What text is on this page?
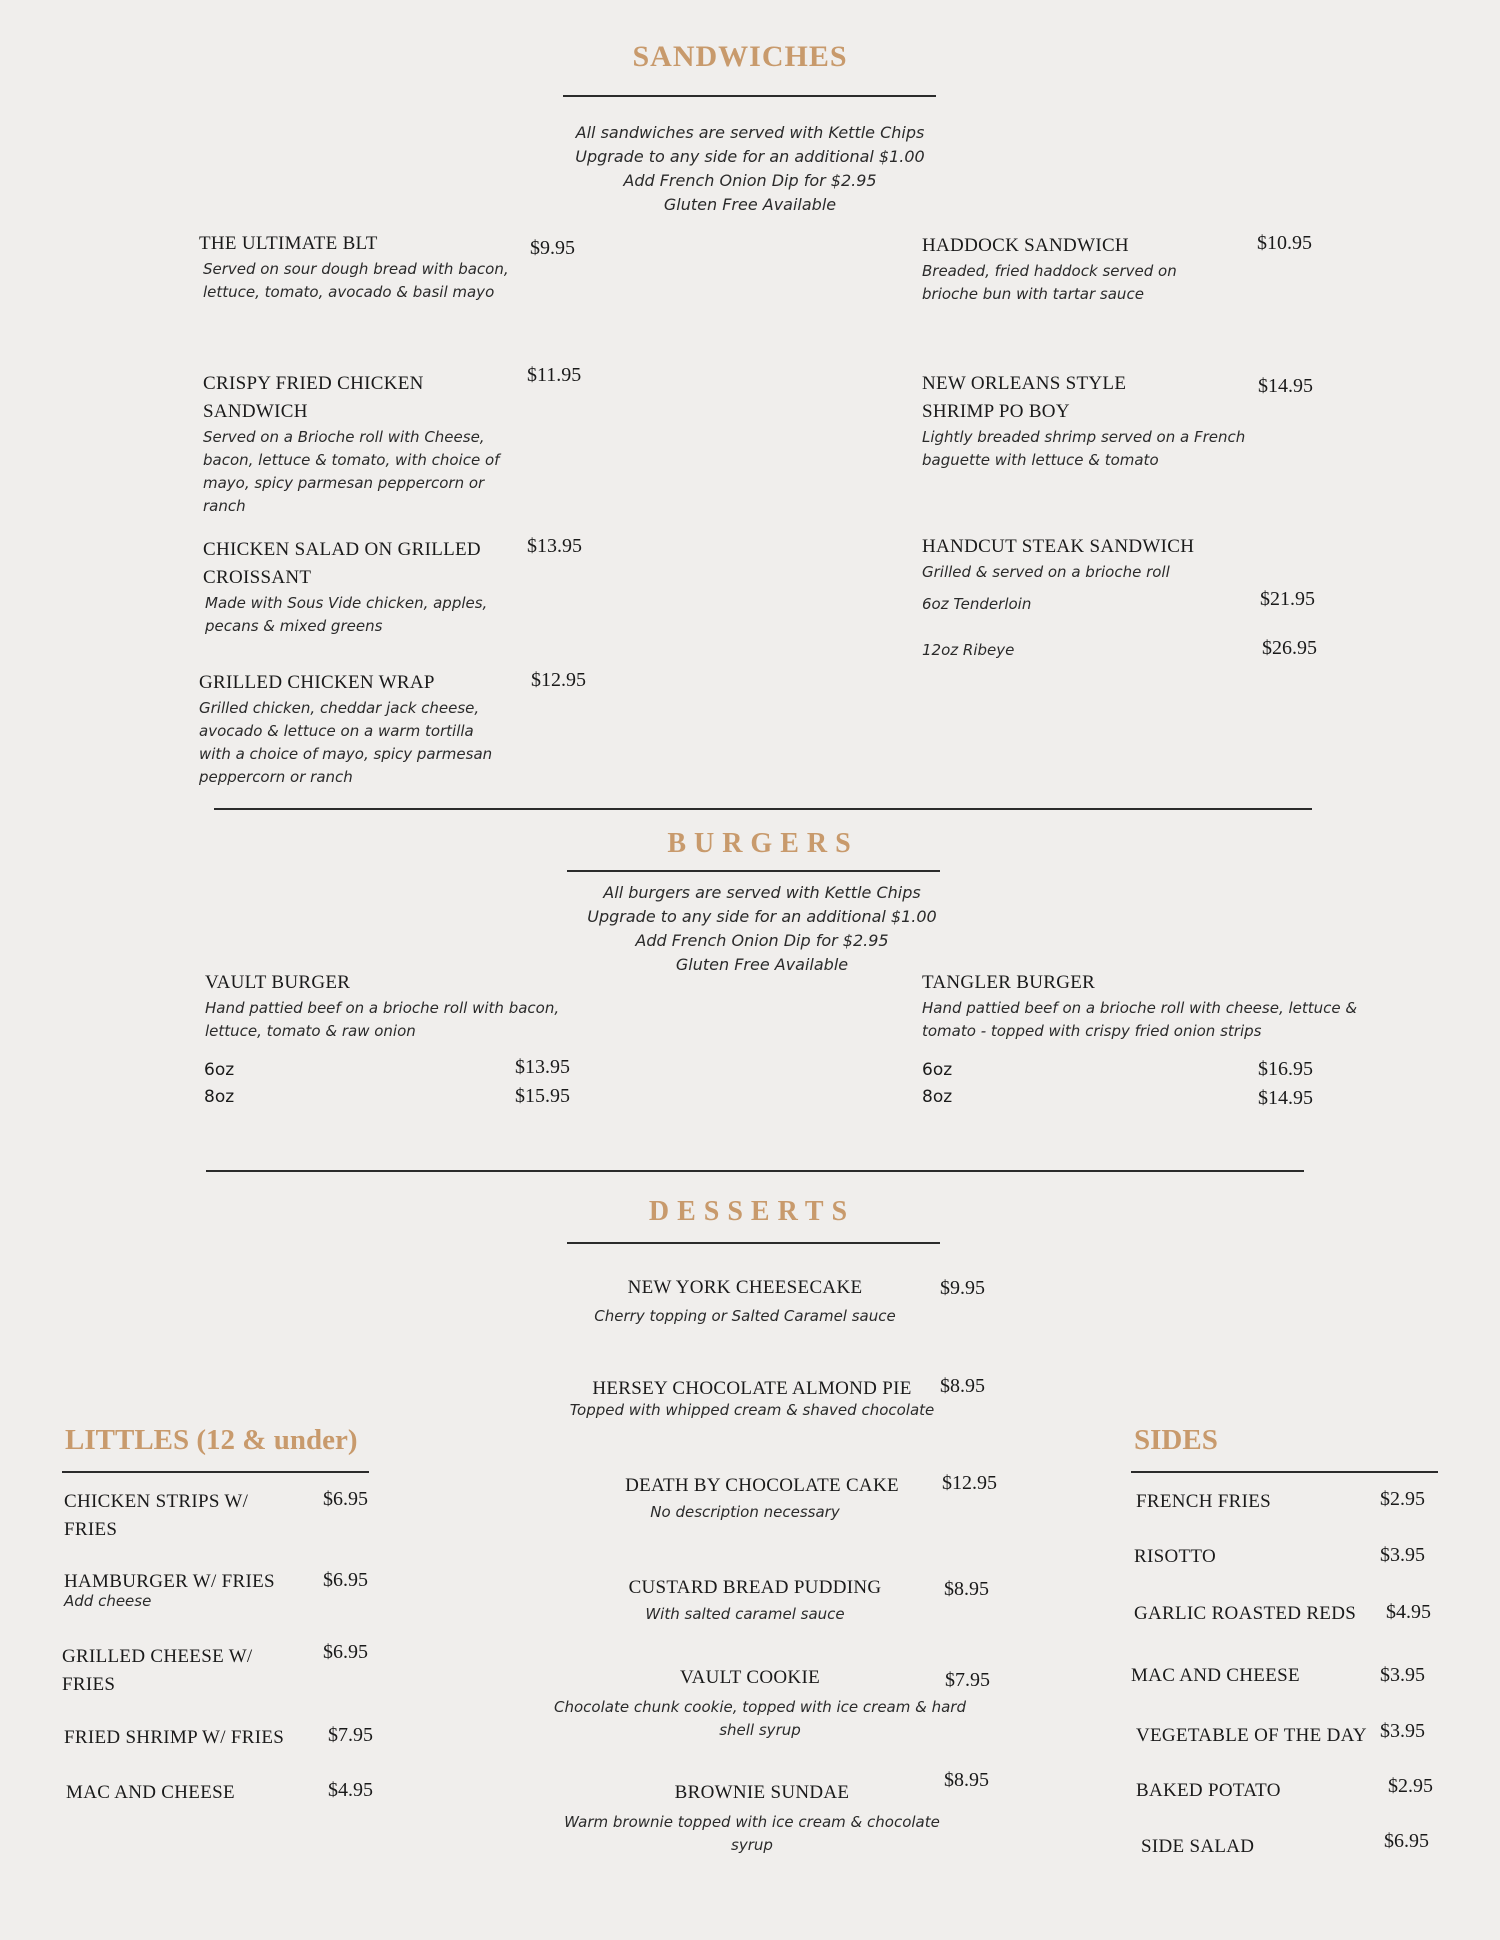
SANDWICHES
All sandwiches are served with Kettle Chips
Upgrade to any side for an additional $1.00
Add French Onion Dip for $2.95
Gluten Free Available
THE ULTIMATE BLT
Served on sour dough bread with bacon, lettuce, tomato, avocado & basil mayo
$9.95
CRISPY FRIED CHICKEN SANDWICH
Served on a Brioche roll with Cheese, bacon, lettuce & tomato, with choice of mayo, spicy parmesan peppercorn or ranch
$11.95
CHICKEN SALAD ON GRILLED CROISSANT
Made with Sous Vide chicken, apples, pecans & mixed greens
$13.95
GRILLED CHICKEN WRAP
Grilled chicken, cheddar jack cheese, avocado & lettuce on a warm tortilla with a choice of mayo, spicy parmesan peppercorn or ranch
$12.95
HADDOCK SANDWICH
Breaded, fried haddock served on brioche bun with tartar sauce
$10.95
NEW ORLEANS STYLE SHRIMP PO BOY
Lightly breaded shrimp served on a French baguette with lettuce & tomato
$14.95
HANDCUT STEAK SANDWICH
Grilled & served on a brioche roll
6oz Tenderloin	$21.95
12oz Ribeye	$26.95
BURGERS
All burgers are served with Kettle Chips
Upgrade to any side for an additional $1.00
Add French Onion Dip for $2.95
Gluten Free Available
VAULT BURGER
Hand pattied beef on a brioche roll with bacon, lettuce, tomato & raw onion
6oz	$13.95
8oz	$15.95
TANGLER BURGER
Hand pattied beef on a brioche roll with cheese, lettuce & tomato - topped with crispy fried onion strips
6oz	$16.95
8oz	$14.95
DESSERTS
NEW YORK CHEESECAKE
Cherry topping or Salted Caramel sauce
$9.95
HERSEY CHOCOLATE ALMOND PIE
Topped with whipped cream & shaved chocolate
$8.95
DEATH BY CHOCOLATE CAKE
No description necessary
$12.95
CUSTARD BREAD PUDDING
With salted caramel sauce
$8.95
VAULT COOKIE
Chocolate chunk cookie, topped with ice cream & hard shell syrup
$7.95
BROWNIE SUNDAE
Warm brownie topped with ice cream & chocolate syrup
$8.95
LITTLES (12 & under)
CHICKEN STRIPS W/ FRIES
$6.95
HAMBURGER W/ FRIES
Add cheese
$6.95
GRILLED CHEESE W/ FRIES
$6.95
FRIED SHRIMP W/ FRIES $7.95
MAC AND CHEESE	$4.95
SIDES
FRENCH FRIES	$2.95
RISOTTO	$3.95
GARLIC ROASTED REDS $4.95
MAC AND CHEESE	$3.95
VEGETABLE OF THE DAY $3.95
BAKED POTATO	$2.95
SIDE SALAD	$6.95
